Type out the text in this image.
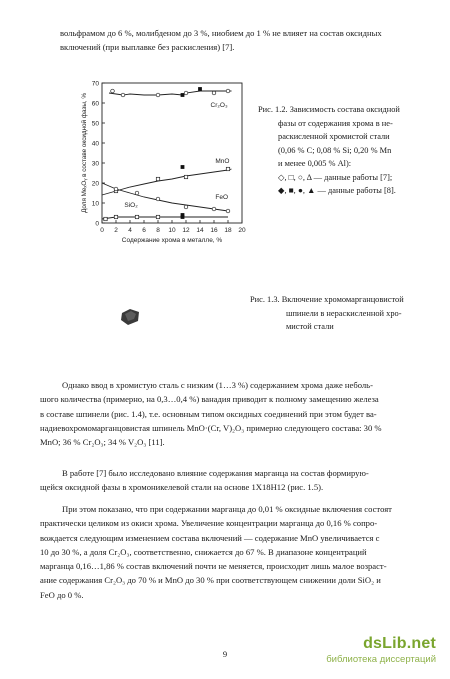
вольфрамом до 6 %, молибденом до 3 %, ниобием до 1 % не влияет на состав оксидных
включений (при выплавке без раскисления) [7].
0 2 4 6 8 10 12 14 16 18 20
0
10
20
30
40
50
60
70
Содержание хрома в металле, %
Доля MeₓOᵧ в составе оксидной фазы, %	Cr₂O₃
MnO
FeO
SiO₂
Рис. 1.2. Зависимость состава оксидной
фазы от содержания хрома в не-
раскисленной хромистой стали
(0,06 % C; 0,08 % Si; 0,20 % Mn
и менее 0,005 % Al):
◇, □, ○, Δ — данные работы [7];
◆, ■, ●, ▲ — данные работы [8].
Рис. 1.3. Включение хромомарганцовистой
шпинели в нераскисленной хро-
мистой стали
Однако ввод в хромистую сталь с низким (1…3 %) содержанием хрома даже неболь-
шого количества (примерно, на 0,3…0,4 %) ванадия приводит к полному замещению железа
в составе шпинели (рис. 1.4), т.е. основным типом оксидных соединений при этом будет ва-
надиевохромомарганцовистая шпинель MnO·(Cr, V)₂O₃ примерно следующего состава: 30 %
MnO; 36 % Cr₂O₃; 34 % V₂O₃ [11].
В работе [7] было исследовано влияние содержания марганца на состав формирую-
щейся оксидной фазы в хромоникелевой стали на основе 1Х18Н12 (рис. 1.5).
При этом показано, что при содержании марганца до 0,01 % оксидные включения состоят
практически целиком из окиси хрома. Увеличение концентрации марганца до 0,16 % сопро-
вождается следующим изменением состава включений — содержание MnO увеличивается с
10 до 30 %, а доля Cr₂O₃, соответственно, снижается до 67 %. В диапазоне концентраций
марганца 0,16…1,86 % состав включений почти не меняется, происходит лишь малое возраст-
ание содержания Cr₂O₃ до 70 % и MnO до 30 % при соответствующем снижении доли SiO₂ и
FeO до 0 %.
9
dsLib.net
библиотека диссертаций
